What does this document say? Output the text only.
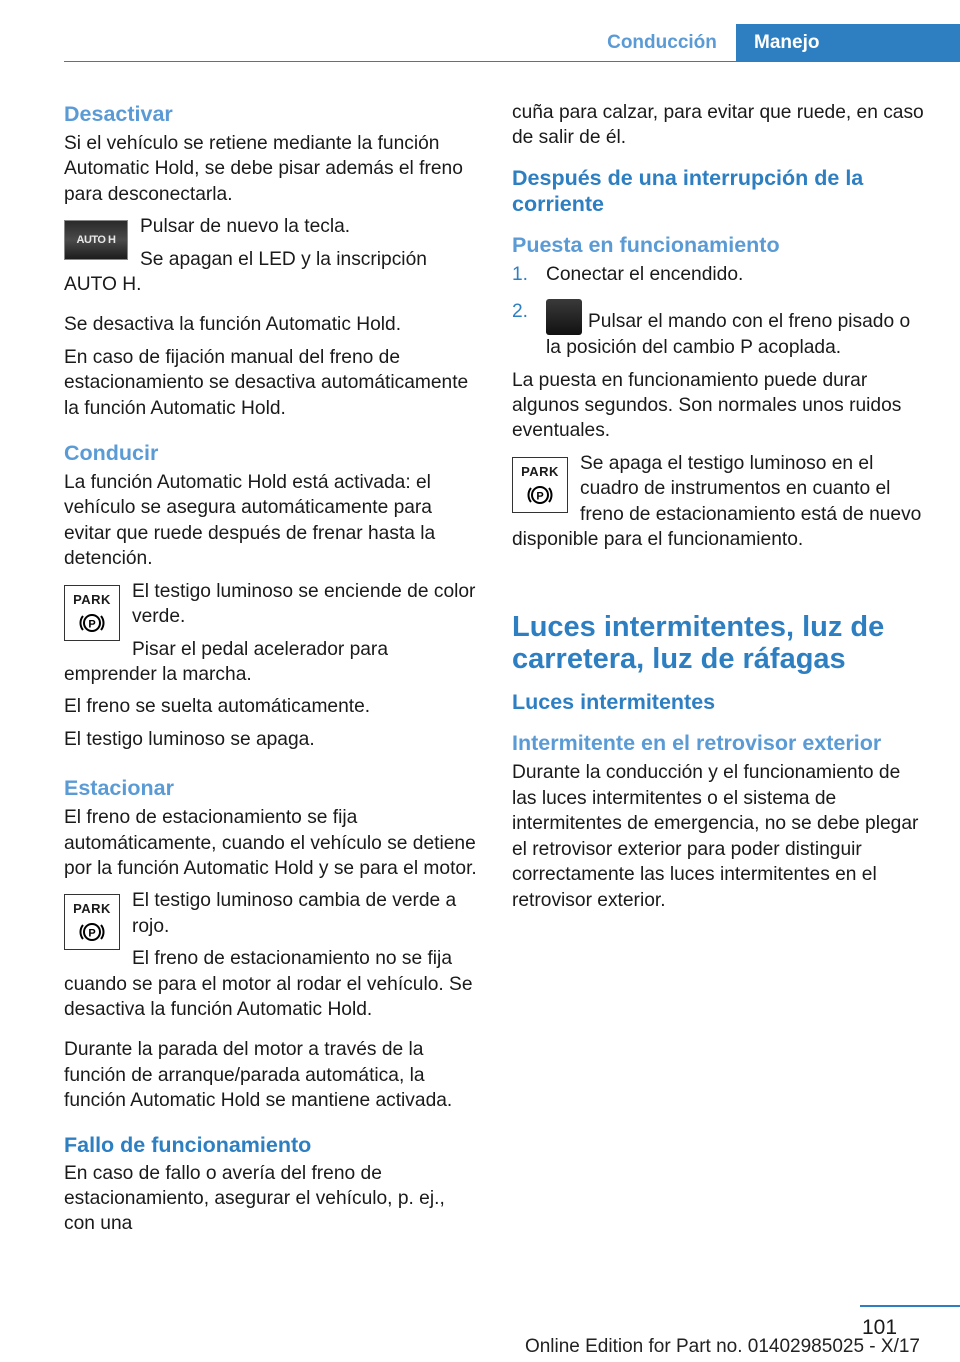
Conducción	Manejo
Desactivar

Si el vehículo se retiene mediante la función Automatic Hold, se debe pisar además el freno para desconectarla.

AUTO H

Pulsar de nuevo la tecla.

Se apagan el LED y la inscripción AUTO H.

Se desactiva la función Automatic Hold.

En caso de fijación manual del freno de estacionamiento se desactiva automáticamente la función Automatic Hold.

Conducir

La función Automatic Hold está activada: el vehículo se asegura automáticamente para evitar que ruede después de frenar hasta la detención.

PARK
P

El testigo luminoso se enciende de color verde.

Pisar el pedal acelerador para emprender la marcha.

El freno se suelta automáticamente.

El testigo luminoso se apaga.

Estacionar

El freno de estacionamiento se fija automáticamente, cuando el vehículo se detiene por la función Automatic Hold y se para el motor.

PARK
P

El testigo luminoso cambia de verde a rojo.

El freno de estacionamiento no se fija cuando se para el motor al rodar el vehículo. Se desactiva la función Automatic Hold.

Durante la parada del motor a través de la función de arranque/parada automática, la función Automatic Hold se mantiene activada.

Fallo de funcionamiento

En caso de fallo o avería del freno de estacionamiento, asegurar el vehículo, p. ej., con una

cuña para calzar, para evitar que ruede, en caso de salir de él.

Después de una interrupción de la corriente
Puesta en funcionamiento
1. Conectar el encendido.
2.	Pulsar el mando con el freno pisado o la posición del cambio P acoplada.

La puesta en funcionamiento puede durar algunos segundos. Son normales unos ruidos eventuales.

PARK
P

Se apaga el testigo luminoso en el cuadro de instrumentos en cuanto el freno de estacionamiento está de nuevo disponible para el funcionamiento.

Luces intermitentes, luz de carretera, luz de ráfagas
Luces intermitentes
Intermitente en el retrovisor exterior

Durante la conducción y el funcionamiento de las luces intermitentes o el sistema de intermitentes de emergencia, no se debe plegar el retrovisor exterior para poder distinguir correctamente las luces intermitentes en el retrovisor exterior.

101
Online Edition for Part no. 01402985025 - X/17
